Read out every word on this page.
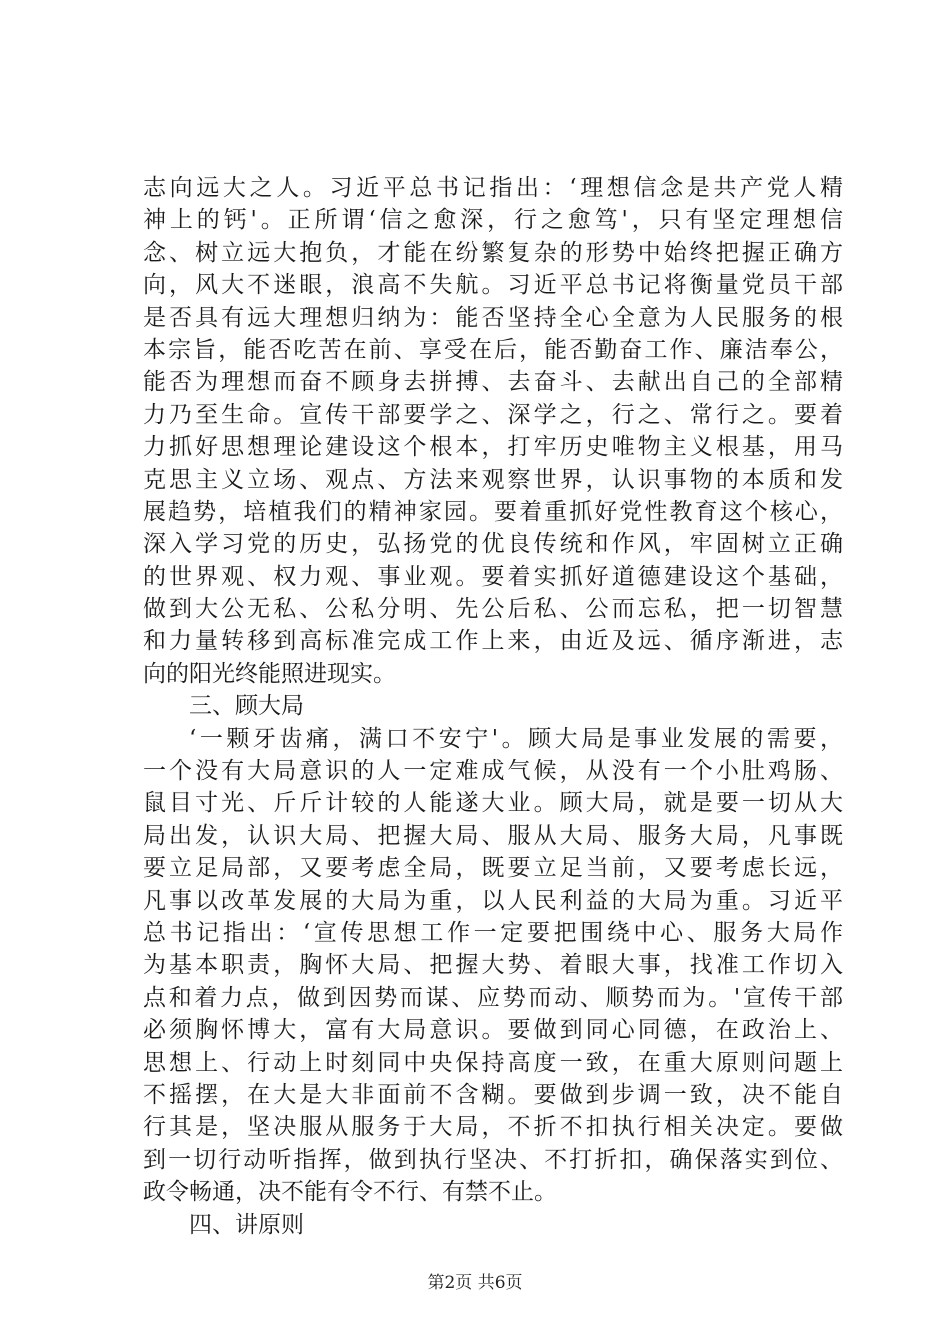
志向远大之人。习近平总书记指出：‘理想信念是共产党人精
神上的钙'。正所谓‘信之愈深，行之愈笃'，只有坚定理想信
念、树立远大抱负，才能在纷繁复杂的形势中始终把握正确方
向，风大不迷眼，浪高不失航。习近平总书记将衡量党员干部
是否具有远大理想归纳为：能否坚持全心全意为人民服务的根
本宗旨，能否吃苦在前、享受在后，能否勤奋工作、廉洁奉公，
能否为理想而奋不顾身去拼搏、去奋斗、去献出自己的全部精
力乃至生命。宣传干部要学之、深学之，行之、常行之。要着
力抓好思想理论建设这个根本，打牢历史唯物主义根基，用马
克思主义立场、观点、方法来观察世界，认识事物的本质和发
展趋势，培植我们的精神家园。要着重抓好党性教育这个核心，
深入学习党的历史，弘扬党的优良传统和作风，牢固树立正确
的世界观、权力观、事业观。要着实抓好道德建设这个基础，
做到大公无私、公私分明、先公后私、公而忘私，把一切智慧
和力量转移到高标准完成工作上来，由近及远、循序渐进，志
向的阳光终能照进现实。
三、顾大局
‘一颗牙齿痛，满口不安宁'。顾大局是事业发展的需要，
一个没有大局意识的人一定难成气候，从没有一个小肚鸡肠、
鼠目寸光、斤斤计较的人能遂大业。顾大局，就是要一切从大
局出发，认识大局、把握大局、服从大局、服务大局，凡事既
要立足局部，又要考虑全局，既要立足当前，又要考虑长远，
凡事以改革发展的大局为重，以人民利益的大局为重。习近平
总书记指出：‘宣传思想工作一定要把围绕中心、服务大局作
为基本职责，胸怀大局、把握大势、着眼大事，找准工作切入
点和着力点，做到因势而谋、应势而动、顺势而为。'宣传干部
必须胸怀博大，富有大局意识。要做到同心同德，在政治上、
思想上、行动上时刻同中央保持高度一致，在重大原则问题上
不摇摆，在大是大非面前不含糊。要做到步调一致，决不能自
行其是，坚决服从服务于大局，不折不扣执行相关决定。要做
到一切行动听指挥，做到执行坚决、不打折扣，确保落实到位、
政令畅通，决不能有令不行、有禁不止。
四、讲原则
第2页 共6页
